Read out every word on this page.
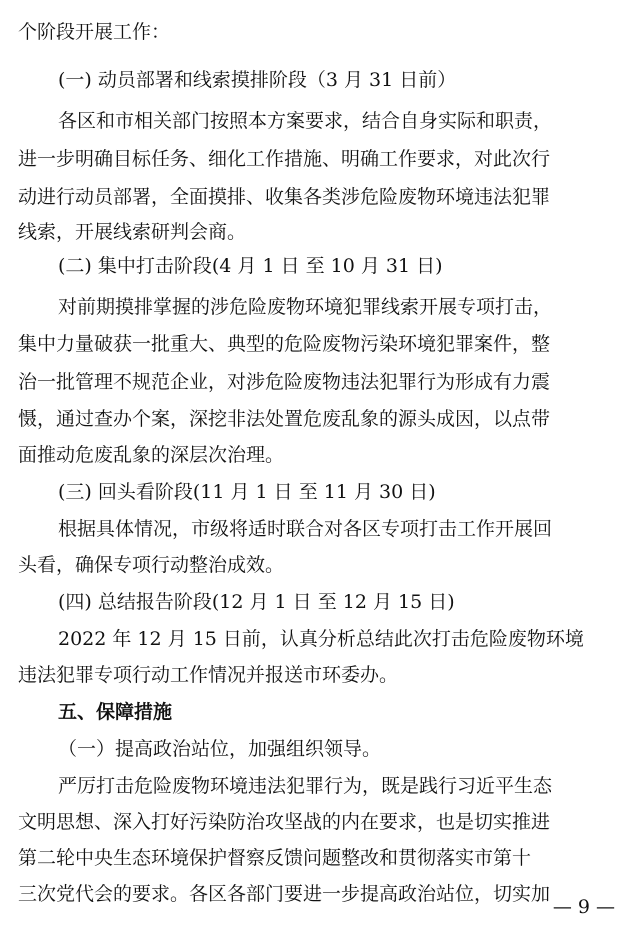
个阶段开展工作：
(一) 动员部署和线索摸排阶段（3 月 31 日前）
各区和市相关部门按照本方案要求，结合自身实际和职责，
进一步明确目标任务、细化工作措施、明确工作要求，对此次行
动进行动员部署，全面摸排、收集各类涉危险废物环境违法犯罪
线索，开展线索研判会商。
(二) 集中打击阶段(4 月 1 日 至 10 月 31 日)
对前期摸排掌握的涉危险废物环境犯罪线索开展专项打击，
集中力量破获一批重大、典型的危险废物污染环境犯罪案件，整
治一批管理不规范企业，对涉危险废物违法犯罪行为形成有力震
慑，通过查办个案，深挖非法处置危废乱象的源头成因，以点带
面推动危废乱象的深层次治理。
(三) 回头看阶段(11 月 1 日 至 11 月 30 日)
根据具体情况，市级将适时联合对各区专项打击工作开展回
头看，确保专项行动整治成效。
(四) 总结报告阶段(12 月 1 日 至 12 月 15 日)
2022 年 12 月 15 日前，认真分析总结此次打击危险废物环境
违法犯罪专项行动工作情况并报送市环委办。
五、保障措施
（一）提高政治站位，加强组织领导。
严厉打击危险废物环境违法犯罪行为，既是践行习近平生态
文明思想、深入打好污染防治攻坚战的内在要求，也是切实推进
第二轮中央生态环境保护督察反馈问题整改和贯彻落实市第十
三次党代会的要求。各区各部门要进一步提高政治站位，切实加
— 9 —
